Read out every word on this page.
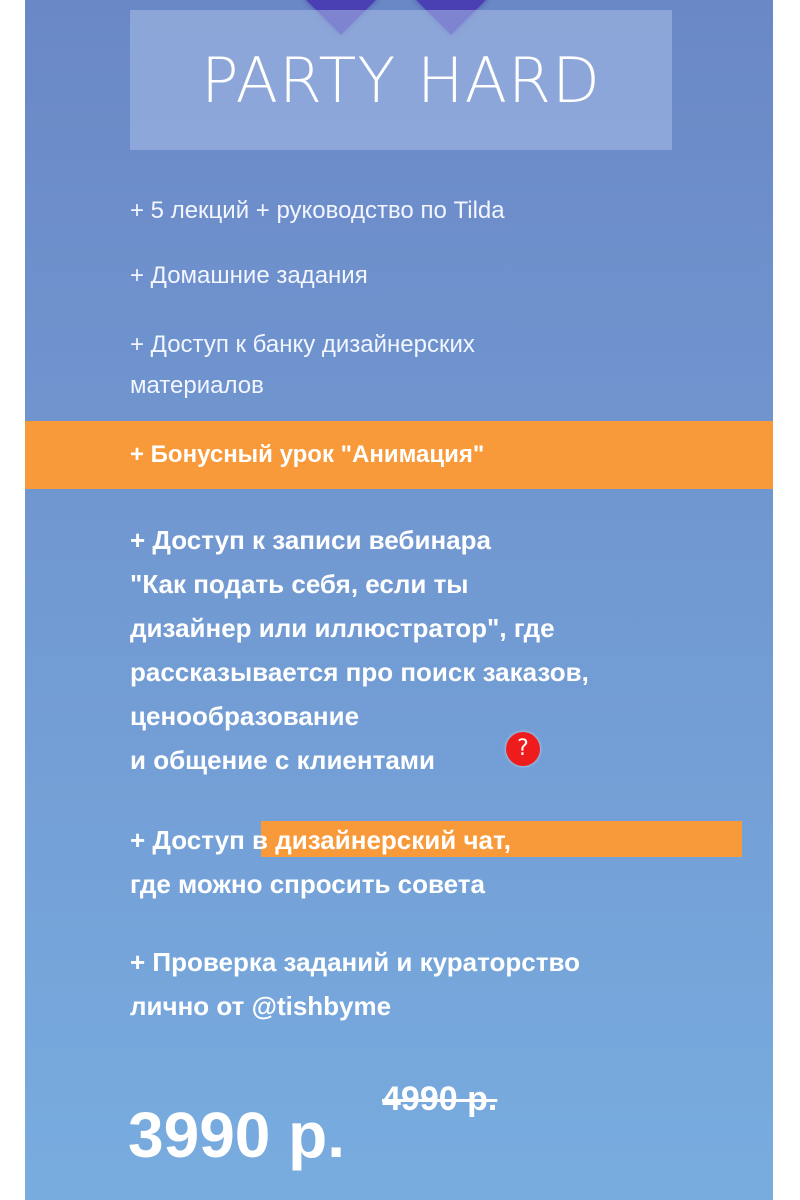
PARTY HARD
+ 5 лекций + руководство по Tilda
+ Домашние задания
+ Доступ к банку дизайнерских
материалов
+ Бонусный урок "Анимация"
+ Доступ к записи вебинара
"Как подать себя, если ты
дизайнер или иллюстратор", где
рассказывается про поиск заказов,
ценообразование
и общение с клиентами	?
+ Доступ в дизайнерский чат,
где можно спросить совета
+ Проверка заданий и кураторство
лично от @tishbyme
3990 р. 4990 р.
